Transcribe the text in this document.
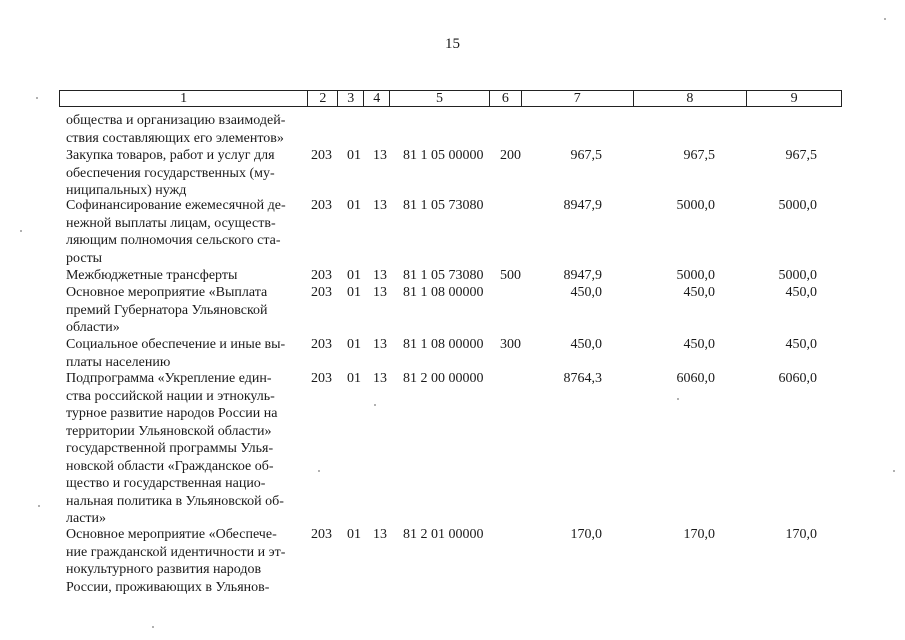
15
1	2	3	4	5	6	7	8	9
общества и организацию взаимодей-
ствия составляющих его элементов»
Закупка товаров, работ и услуг для
обеспечения государственных (му-
ниципальных) нужд
203 01 13 81 1 05 00000 200	967,5	967,5	967,5
Софинансирование ежемесячной де-
нежной выплаты лицам, осуществ-
ляющим полномочия сельского ста-
росты
203 01 13 81 1 05 73080	8947,9	5000,0	5000,0
Межбюджетные трансферты	203 01 13 81 1 05 73080 500	8947,9	5000,0	5000,0
Основное мероприятие «Выплата
премий Губернатора Ульяновской
области»
203 01 13 81 1 08 00000	450,0	450,0	450,0
Социальное обеспечение и иные вы-
платы населению
203 01 13 81 1 08 00000 300	450,0	450,0	450,0
Подпрограмма «Укрепление един-
ства российской нации и этнокуль-
турное развитие народов России на
территории Ульяновской области»
государственной программы Улья-
новской области «Гражданское об-
щество и государственная нацио-
нальная политика в Ульяновской об-
ласти»
203 01 13 81 2 00 00000	8764,3	6060,0	6060,0
Основное мероприятие «Обеспече-
ние гражданской идентичности и эт-
нокультурного развития народов
России, проживающих в Ульянов-
203 01 13 81 2 01 00000	170,0	170,0	170,0
